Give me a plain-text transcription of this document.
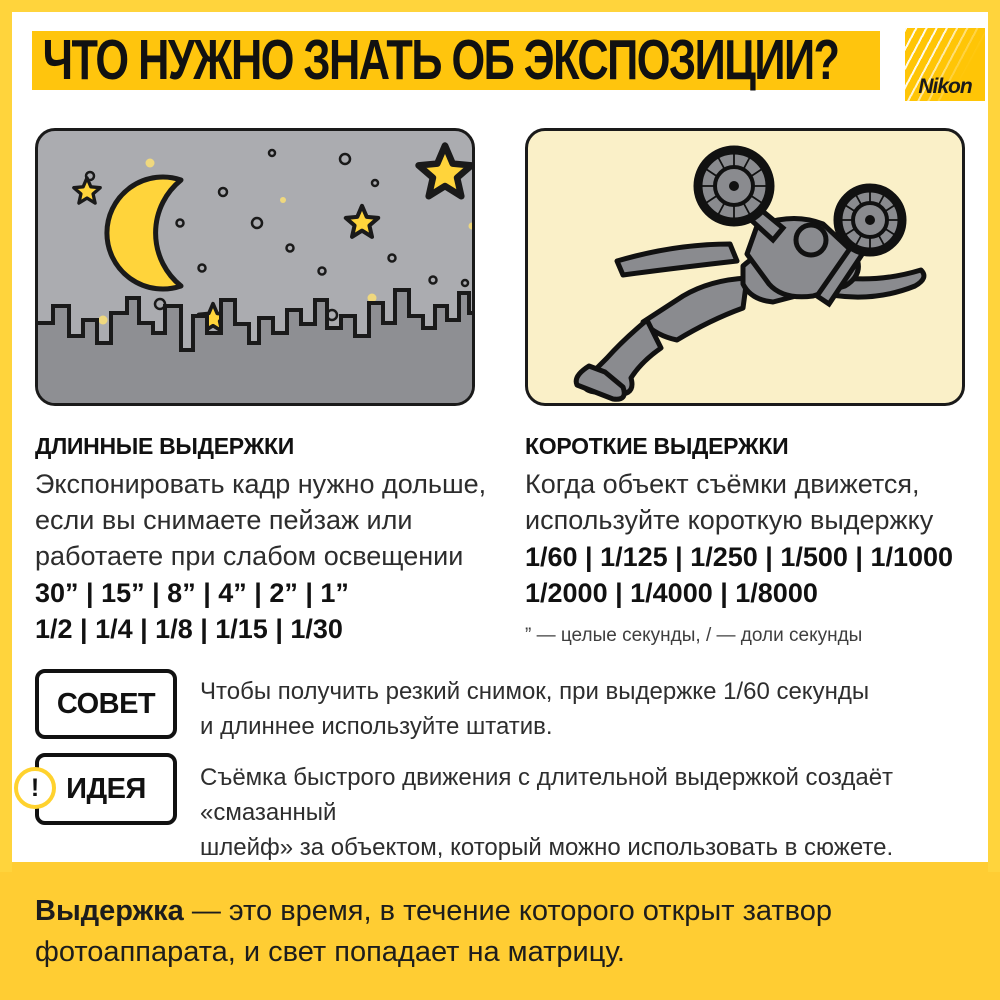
ЧТО НУЖНО ЗНАТЬ ОБ ЭКСПОЗИЦИИ?	Nikon
ДЛИННЫЕ ВЫДЕРЖКИ
Экспонировать кадр нужно дольше,
если вы снимаете пейзаж или
работаете при слабом освещении
30” | 15” | 8” | 4” | 2” | 1”
1/2 | 1/4 | 1/8 | 1/15 | 1/30
КОРОТКИЕ ВЫДЕРЖКИ
Когда объект съёмки движется,
используйте короткую выдержку
1/60 | 1/125 | 1/250 | 1/500 | 1/1000
1/2000 | 1/4000 | 1/8000
” — целые секунды, / — доли секунды
СОВЕТ Чтобы получить резкий снимок, при выдержке 1/60 секунды
и длиннее используйте штатив.
ИДЕЯ
!	Съёмка быстрого движения с длительной выдержкой создаёт «смазанный
шлейф» за объектом, который можно использовать в сюжете.
Выдержка — это время, в течение которого открыт затвор
фотоаппарата, и свет попадает на матрицу.
